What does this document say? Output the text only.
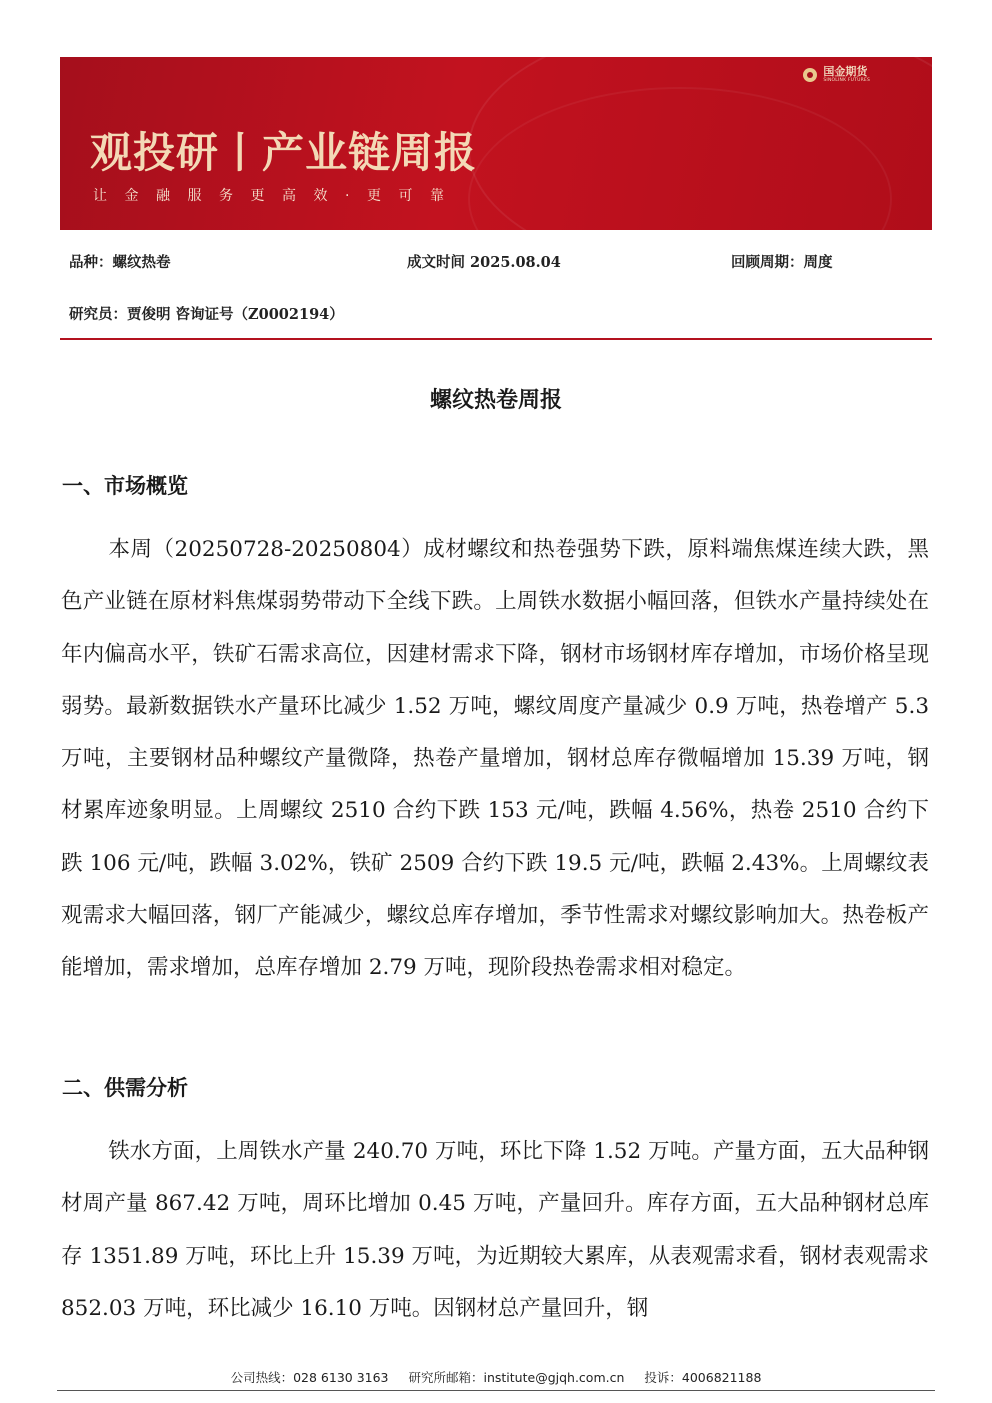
国金期货
SINOLINK FUTURES
观投研丨产业链周报
让金融服务更高效·更可靠
品种：螺纹热卷	成文时间 2025.08.04	回顾周期：周度
研究员：贾俊明 咨询证号（Z0002194）
螺纹热卷周报
一、市场概览

本周（20250728-20250804）成材螺纹和热卷强势下跌，原料端焦煤连续大跌，黑色产业链在原材料焦煤弱势带动下全线下跌。上周铁水数据小幅回落，但铁水产量持续处在年内偏高水平，铁矿石需求高位，因建材需求下降，钢材市场钢材库存增加，市场价格呈现弱势。最新数据铁水产量环比减少 1.52 万吨，螺纹周度产量减少 0.9 万吨，热卷增产 5.3 万吨，主要钢材品种螺纹产量微降，热卷产量增加，钢材总库存微幅增加 15.39 万吨，钢材累库迹象明显。上周螺纹 2510 合约下跌 153 元/吨，跌幅 4.56%，热卷 2510 合约下跌 106 元/吨，跌幅 3.02%，铁矿 2509 合约下跌 19.5 元/吨，跌幅 2.43%。上周螺纹表观需求大幅回落，钢厂产能减少，螺纹总库存增加，季节性需求对螺纹影响加大。热卷板产能增加，需求增加，总库存增加 2.79 万吨，现阶段热卷需求相对稳定。

二、供需分析

铁水方面，上周铁水产量 240.70 万吨，环比下降 1.52 万吨。产量方面，五大品种钢材周产量 867.42 万吨，周环比增加 0.45 万吨，产量回升。库存方面，五大品种钢材总库存 1351.89 万吨，环比上升 15.39 万吨，为近期较大累库，从表观需求看，钢材表观需求 852.03 万吨，环比减少 16.10 万吨。因钢材总产量回升，钢

公司热线：028 6130 3163 研究所邮箱：institute@gjqh.com.cn 投诉：4006821188
